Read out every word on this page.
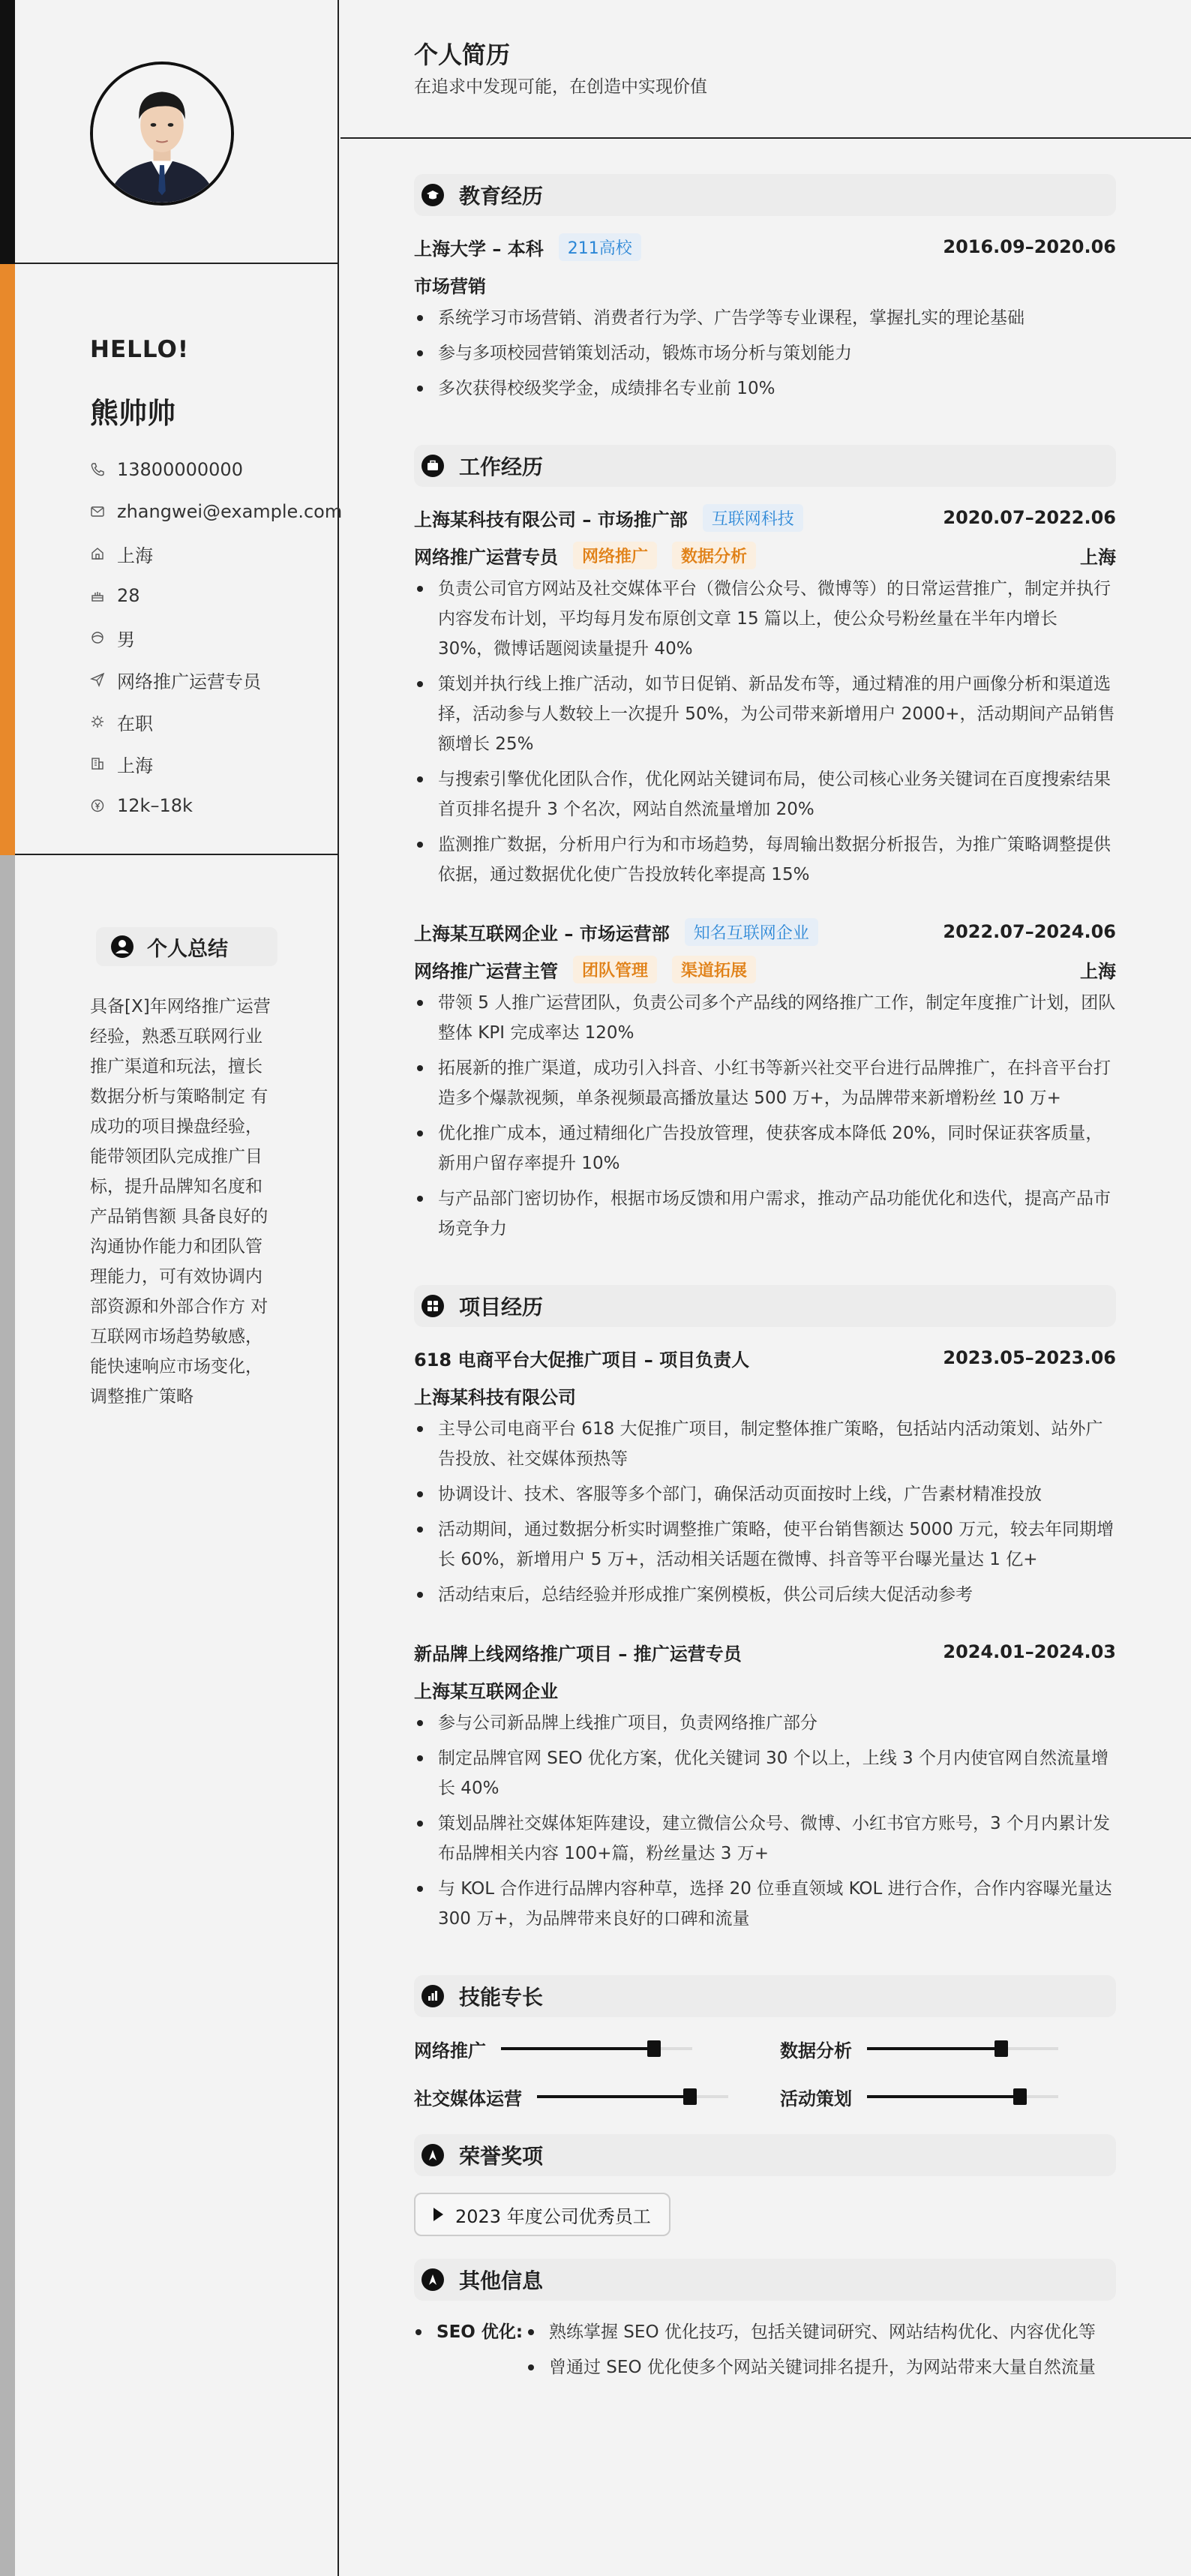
HELLO!
熊帅帅
13800000000
zhangwei@example.com
上海
28
男
网络推广运营专员
在职
上海
12k–18k
个人总结
具备[X]年网络推广运营经验，熟悉互联网行业推广渠道和玩法，擅长数据分析与策略制定 有成功的项目操盘经验，能带领团队完成推广目标，提升品牌知名度和产品销售额 具备良好的沟通协作能力和团队管理能力，可有效协调内部资源和外部合作方 对互联网市场趋势敏感，能快速响应市场变化，调整推广策略
个人简历
在追求中发现可能，在创造中实现价值
教育经历
上海大学 – 本科	211高校	2016.09–2020.06
市场营销
系统学习市场营销、消费者行为学、广告学等专业课程，掌握扎实的理论基础
参与多项校园营销策划活动，锻炼市场分析与策划能力
多次获得校级奖学金，成绩排名专业前 10%
工作经历
上海某科技有限公司 – 市场推广部	互联网科技	2020.07–2022.06
网络推广运营专员	网络推广	数据分析	上海
负责公司官方网站及社交媒体平台（微信公众号、微博等）的日常运营推广，制定并执行内容发布计划，平均每月发布原创文章 15 篇以上，使公众号粉丝量在半年内增长 30%，微博话题阅读量提升 40%
策划并执行线上推广活动，如节日促销、新品发布等，通过精准的用户画像分析和渠道选择，活动参与人数较上一次提升 50%，为公司带来新增用户 2000+，活动期间产品销售额增长 25%
与搜索引擎优化团队合作，优化网站关键词布局，使公司核心业务关键词在百度搜索结果首页排名提升 3 个名次，网站自然流量增加 20%
监测推广数据，分析用户行为和市场趋势，每周输出数据分析报告，为推广策略调整提供依据，通过数据优化使广告投放转化率提高 15%
上海某互联网企业 – 市场运营部	知名互联网企业	2022.07–2024.06
网络推广运营主管	团队管理	渠道拓展	上海
带领 5 人推广运营团队，负责公司多个产品线的网络推广工作，制定年度推广计划，团队整体 KPI 完成率达 120%
拓展新的推广渠道，成功引入抖音、小红书等新兴社交平台进行品牌推广，在抖音平台打造多个爆款视频，单条视频最高播放量达 500 万+，为品牌带来新增粉丝 10 万+
优化推广成本，通过精细化广告投放管理，使获客成本降低 20%，同时保证获客质量，新用户留存率提升 10%
与产品部门密切协作，根据市场反馈和用户需求，推动产品功能优化和迭代，提高产品市场竞争力
项目经历
618 电商平台大促推广项目 – 项目负责人	2023.05–2023.06
上海某科技有限公司
主导公司电商平台 618 大促推广项目，制定整体推广策略，包括站内活动策划、站外广告投放、社交媒体预热等
协调设计、技术、客服等多个部门，确保活动页面按时上线，广告素材精准投放
活动期间，通过数据分析实时调整推广策略，使平台销售额达 5000 万元，较去年同期增长 60%，新增用户 5 万+，活动相关话题在微博、抖音等平台曝光量达 1 亿+
活动结束后，总结经验并形成推广案例模板，供公司后续大促活动参考
新品牌上线网络推广项目 – 推广运营专员	2024.01–2024.03
上海某互联网企业
参与公司新品牌上线推广项目，负责网络推广部分
制定品牌官网 SEO 优化方案，优化关键词 30 个以上，上线 3 个月内使官网自然流量增长 40%
策划品牌社交媒体矩阵建设，建立微信公众号、微博、小红书官方账号，3 个月内累计发布品牌相关内容 100+篇，粉丝量达 3 万+
与 KOL 合作进行品牌内容种草，选择 20 位垂直领域 KOL 进行合作，合作内容曝光量达 300 万+，为品牌带来良好的口碑和流量
技能专长
网络推广	数据分析
社交媒体运营	活动策划
荣誉奖项
2023 年度公司优秀员工
其他信息
SEO 优化:	熟练掌握 SEO 优化技巧，包括关键词研究、网站结构优化、内容优化等
曾通过 SEO 优化使多个网站关键词排名提升，为网站带来大量自然流量
